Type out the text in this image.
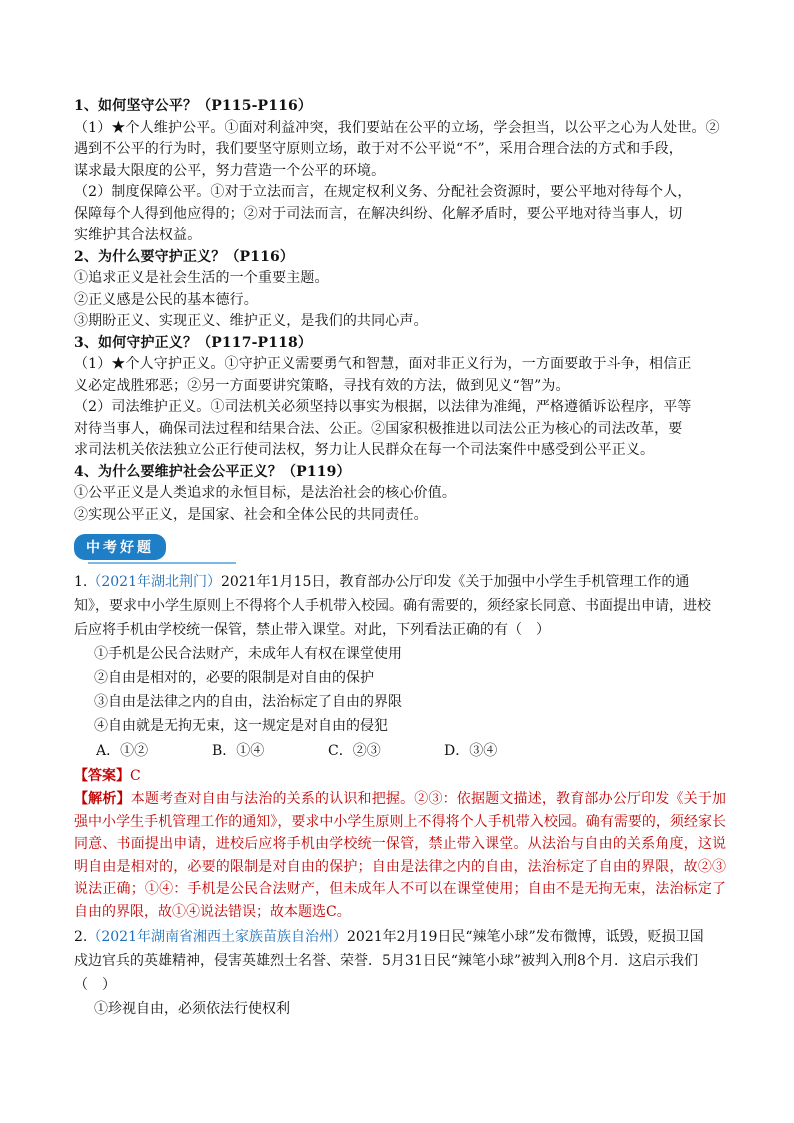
1、如何坚守公平？（P115-P116）
（1）★个人维护公平。①面对利益冲突，我们要站在公平的立场，学会担当，以公平之心为人处世。②
遇到不公平的行为时，我们要坚守原则立场，敢于对不公平说“不”，采用合理合法的方式和手段，
谋求最大限度的公平，努力营造一个公平的环境。
（2）制度保障公平。①对于立法而言，在规定权利义务、分配社会资源时，要公平地对待每个人，
保障每个人得到他应得的；②对于司法而言，在解决纠纷、化解矛盾时，要公平地对待当事人，切
实维护其合法权益。
2、为什么要守护正义？（P116）
①追求正义是社会生活的一个重要主题。
②正义感是公民的基本德行。
③期盼正义、实现正义、维护正义，是我们的共同心声。
3、如何守护正义？（P117-P118）
（1）★个人守护正义。①守护正义需要勇气和智慧，面对非正义行为，一方面要敢于斗争，相信正
义必定战胜邪恶；②另一方面要讲究策略，寻找有效的方法，做到见义“智”为。
（2）司法维护正义。①司法机关必须坚持以事实为根据，以法律为准绳，严格遵循诉讼程序，平等
对待当事人，确保司法过程和结果合法、公正。②国家积极推进以司法公正为核心的司法改革，要
求司法机关依法独立公正行使司法权，努力让人民群众在每一个司法案件中感受到公平正义。
4、为什么要维护社会公平正义？（P119）
①公平正义是人类追求的永恒目标，是法治社会的核心价值。
②实现公平正义，是国家、社会和全体公民的共同责任。
中考好题
1.（2021年湖北荆门）2021年1月15日，教育部办公厅印发《关于加强中小学生手机管理工作的通
知》，要求中小学生原则上不得将个人手机带入校园。确有需要的，须经家长同意、书面提出申请，进校
后应将手机由学校统一保管，禁止带入课堂。对此，下列看法正确的有（　）
①手机是公民合法财产，未成年人有权在课堂使用
②自由是相对的，必要的限制是对自由的保护
③自由是法律之内的自由，法治标定了自由的界限
④自由就是无拘无束，这一规定是对自由的侵犯
A．①②	B．①④	C．②③	D．③④
【答案】C
【解析】本题考查对自由与法治的关系的认识和把握。②③：依据题文描述，教育部办公厅印发《关于加强中小学生手机管理工作的通知》，要求中小学生原则上不得将个人手机带入校园。确有需要的，须经家长同意、书面提出申请，进校后应将手机由学校统一保管，禁止带入课堂。从法治与自由的关系角度，这说明自由是相对的，必要的限制是对自由的保护；自由是法律之内的自由，法治标定了自由的界限，故②③说法正确；①④：手机是公民合法财产，但未成年人不可以在课堂使用；自由不是无拘无束，法治标定了自由的界限，故①④说法错误；故本题选C。
2.（2021年湖南省湘西土家族苗族自治州）2021年2月19日民“辣笔小球”发布微博，诋毁，贬损卫国
戍边官兵的英雄精神，侵害英雄烈士名誉、荣誉．5月31日民“辣笔小球”被判入刑8个月．这启示我们
（　）
①珍视自由，必须依法行使权利
